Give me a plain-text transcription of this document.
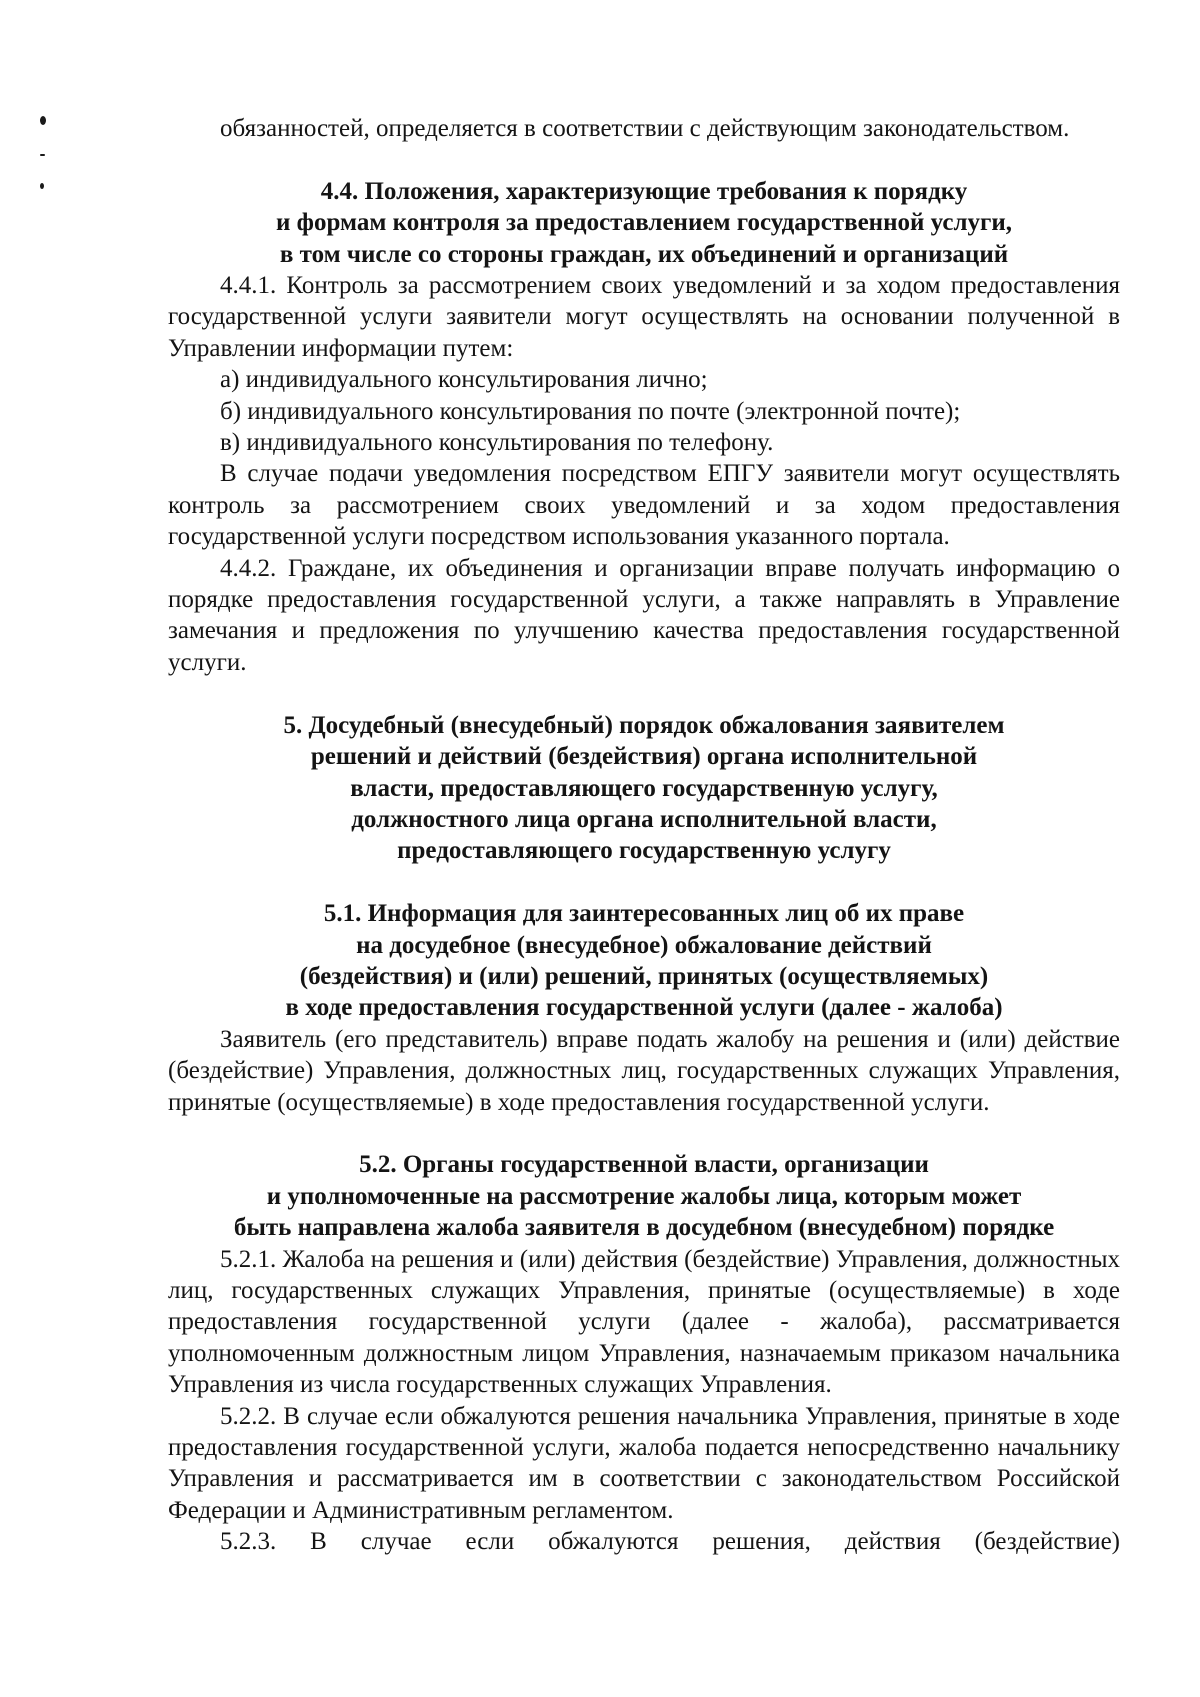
обязанностей, определяется в соответствии с действующим законодательством.

4.4. Положения, характеризующие требования к порядку
и формам контроля за предоставлением государственной услуги,
в том числе со стороны граждан, их объединений и организаций

4.4.1. Контроль за рассмотрением своих уведомлений и за ходом предоставления государственной услуги заявители могут осуществлять на основании полученной в Управлении информации путем:

а) индивидуального консультирования лично;

б) индивидуального консультирования по почте (электронной почте);

в) индивидуального консультирования по телефону.

В случае подачи уведомления посредством ЕПГУ заявители могут осуществлять контроль за рассмотрением своих уведомлений и за ходом предоставления государственной услуги посредством использования указанного портала.

4.4.2. Граждане, их объединения и организации вправе получать информацию о порядке предоставления государственной услуги, а также направлять в Управление замечания и предложения по улучшению качества предоставления государственной услуги.

5. Досудебный (внесудебный) порядок обжалования заявителем
решений и действий (бездействия) органа исполнительной
власти, предоставляющего государственную услугу,
должностного лица органа исполнительной власти,
предоставляющего государственную услугу
5.1. Информация для заинтересованных лиц об их праве
на досудебное (внесудебное) обжалование действий
(бездействия) и (или) решений, принятых (осуществляемых)
в ходе предоставления государственной услуги (далее - жалоба)

Заявитель (его представитель) вправе подать жалобу на решения и (или) действие (бездействие) Управления, должностных лиц, государственных служащих Управления, принятые (осуществляемые) в ходе предоставления государственной услуги.

5.2. Органы государственной власти, организации
и уполномоченные на рассмотрение жалобы лица, которым может
быть направлена жалоба заявителя в досудебном (внесудебном) порядке

5.2.1. Жалоба на решения и (или) действия (бездействие) Управления, должностных лиц, государственных служащих Управления, принятые (осуществляемые) в ходе предоставления государственной услуги (далее - жалоба), рассматривается уполномоченным должностным лицом Управления, назначаемым приказом начальника Управления из числа государственных служащих Управления.

5.2.2. В случае если обжалуются решения начальника Управления, принятые в ходе предоставления государственной услуги, жалоба подается непосредственно начальнику Управления и рассматривается им в соответствии с законодательством Российской Федерации и Административным регламентом.

5.2.3. В случае если обжалуются решения, действия (бездействие)
